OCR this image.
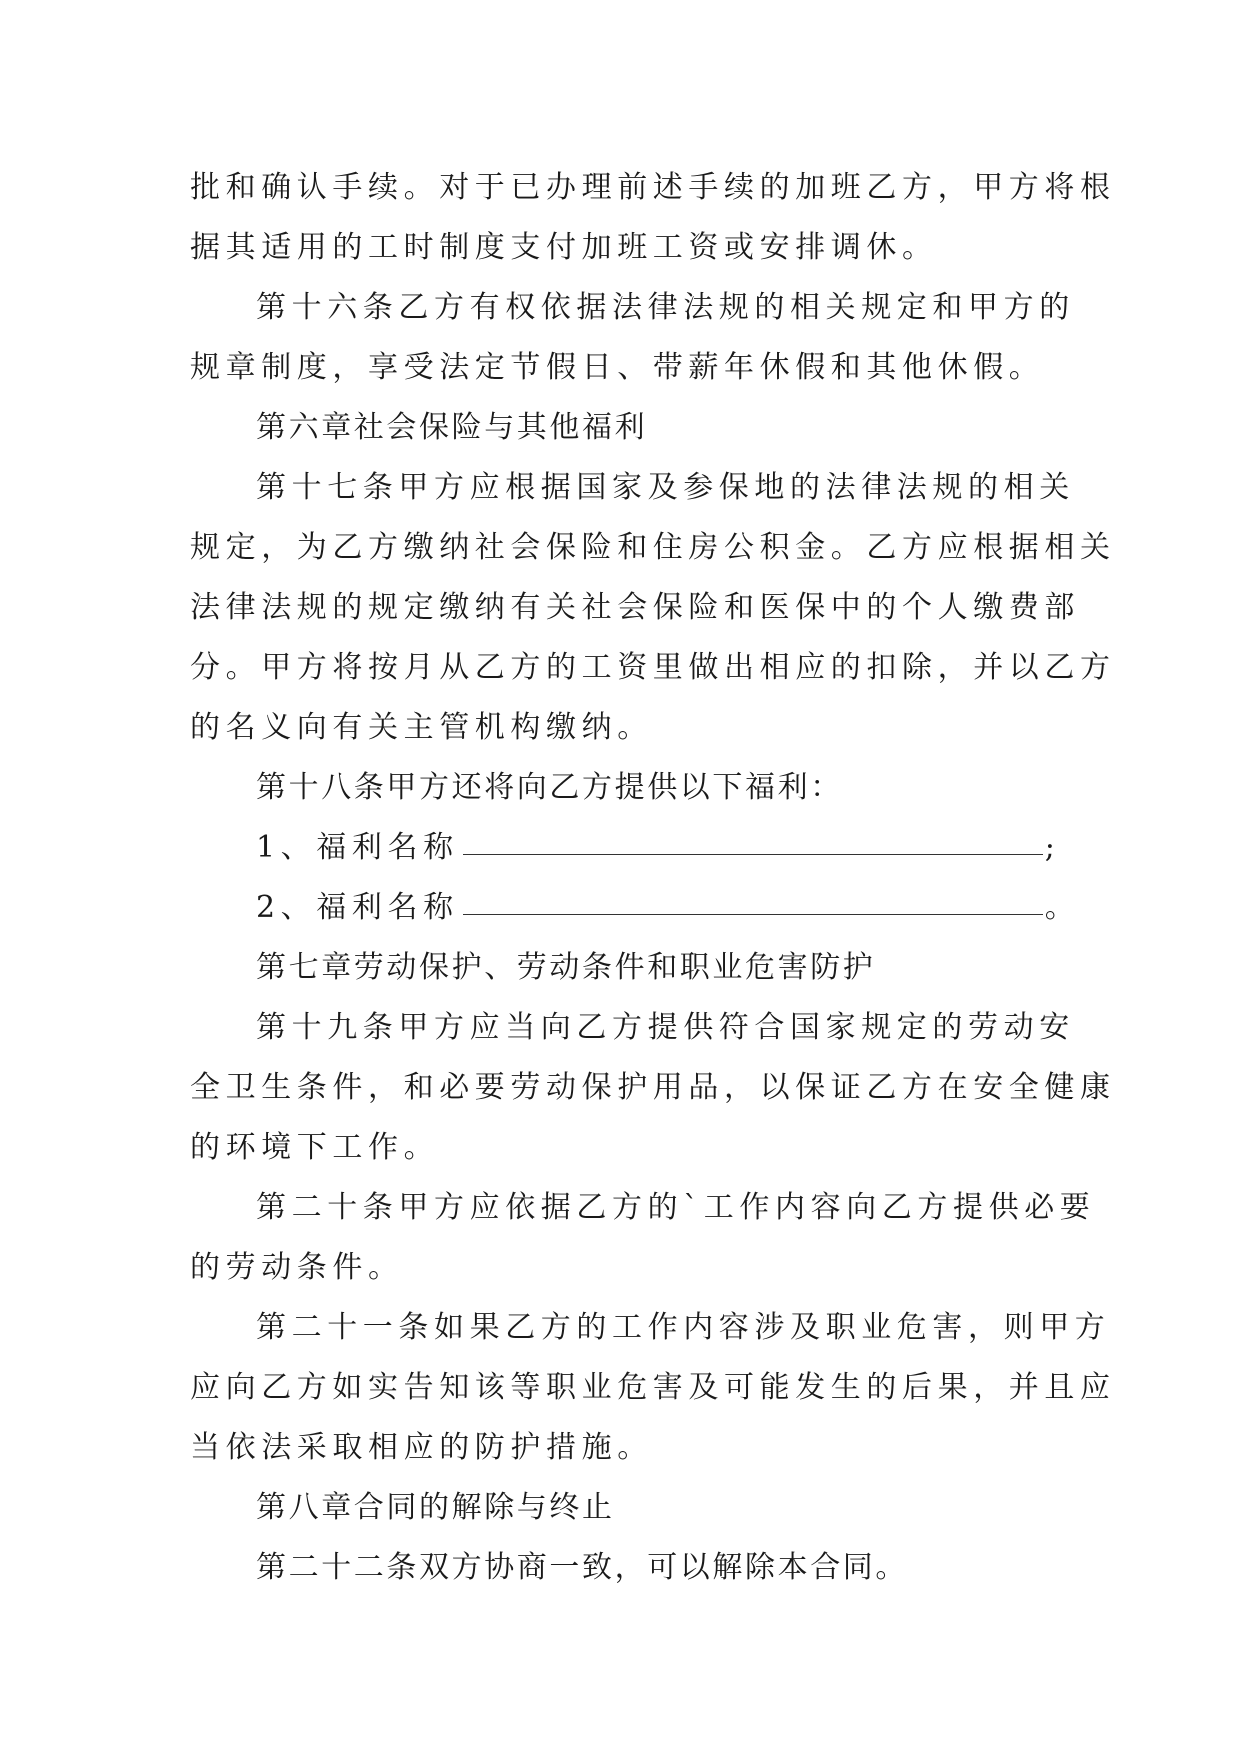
批和确认手续。对于已办理前述手续的加班乙方，甲方将根
据其适用的工时制度支付加班工资或安排调休。
第十六条乙方有权依据法律法规的相关规定和甲方的
规章制度，享受法定节假日、带薪年休假和其他休假。
第六章社会保险与其他福利
第十七条甲方应根据国家及参保地的法律法规的相关
规定，为乙方缴纳社会保险和住房公积金。乙方应根据相关
法律法规的规定缴纳有关社会保险和医保中的个人缴费部
分。甲方将按月从乙方的工资里做出相应的扣除，并以乙方
的名义向有关主管机构缴纳。
第十八条甲方还将向乙方提供以下福利：
1、福利名称	;
2、福利名称	。
第七章劳动保护、劳动条件和职业危害防护
第十九条甲方应当向乙方提供符合国家规定的劳动安
全卫生条件，和必要劳动保护用品，以保证乙方在安全健康
的环境下工作。
第二十条甲方应依据乙方的`工作内容向乙方提供必要
的劳动条件。
第二十一条如果乙方的工作内容涉及职业危害，则甲方
应向乙方如实告知该等职业危害及可能发生的后果，并且应
当依法采取相应的防护措施。
第八章合同的解除与终止
第二十二条双方协商一致，可以解除本合同。
